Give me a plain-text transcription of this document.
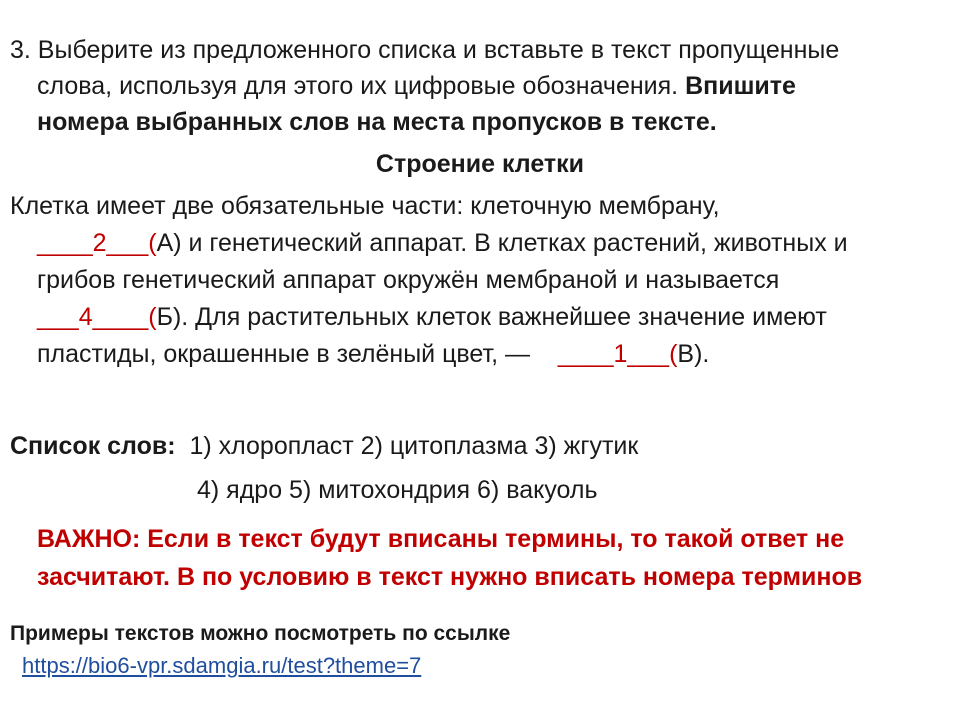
3. Выберите из предложенного списка и вставьте в текст пропущенные
слова, используя для этого их цифровые обозначения. Впишите
номера выбранных слов на места пропусков в тексте.
Строение клетки
Клетка имеет две обязательные части: клеточную мембрану,
____2___(А) и генетический аппарат. В клетках растений, животных и
грибов генетический аппарат окружён мембраной и называется
___4____(Б). Для растительных клеток важнейшее значение имеют
пластиды, окрашенные в зелёный цвет, — ____1___(В).
Список слов: 1) хлоропласт 2) цитоплазма 3) жгутик
4) ядро 5) митохондрия 6) вакуоль
ВАЖНО: Если в текст будут вписаны термины, то такой ответ не
засчитают. В по условию в текст нужно вписать номера терминов
Примеры текстов можно посмотреть по ссылке
https://bio6-vpr.sdamgia.ru/test?theme=7
